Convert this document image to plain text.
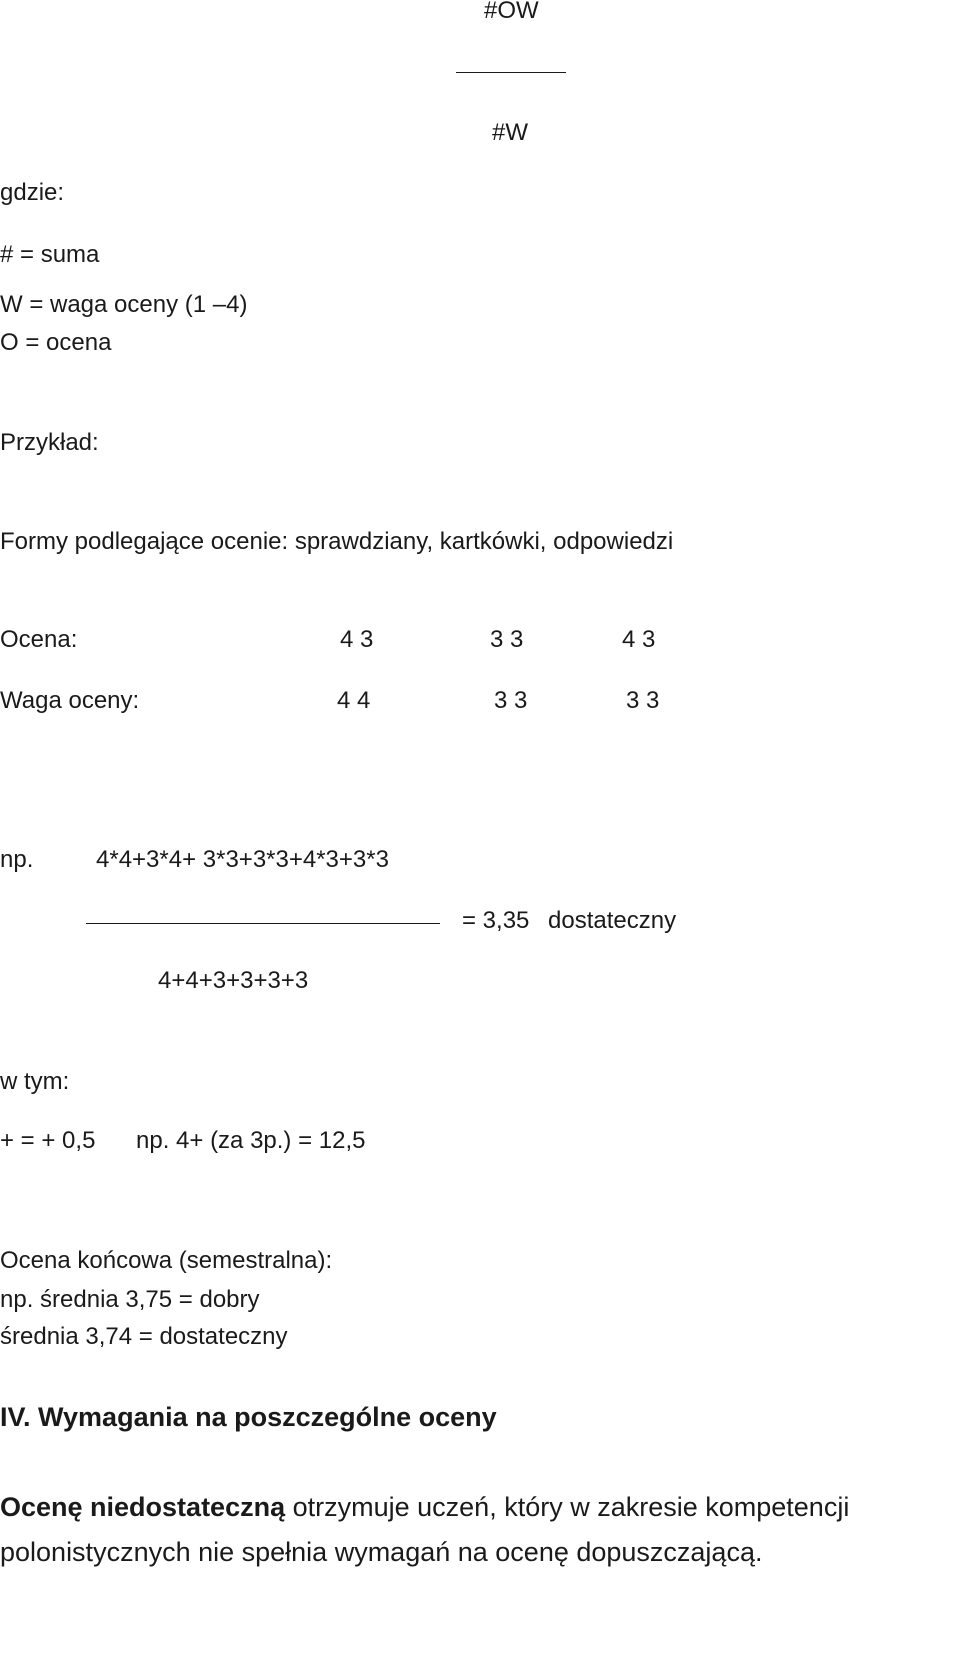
#OW
#W
gdzie:
# = suma
W = waga oceny (1 –4)
O = ocena
Przykład:
Formy podlegające ocenie: sprawdziany, kartkówki, odpowiedzi
Ocena:	4 3	3 3	4 3
Waga oceny:	4 4	3 3	3 3
np.	4*4+3*4+ 3*3+3*3+4*3+3*3
= 3,35 dostateczny
4+4+3+3+3+3
w tym:
+ = + 0,5 np. 4+ (za 3p.) = 12,5
Ocena końcowa (semestralna):
np. średnia 3,75 = dobry
średnia 3,74 = dostateczny
IV. Wymagania na poszczególne oceny
Ocenę niedostateczną otrzymuje uczeń, który w zakresie kompetencji
polonistycznych nie spełnia wymagań na ocenę dopuszczającą.
